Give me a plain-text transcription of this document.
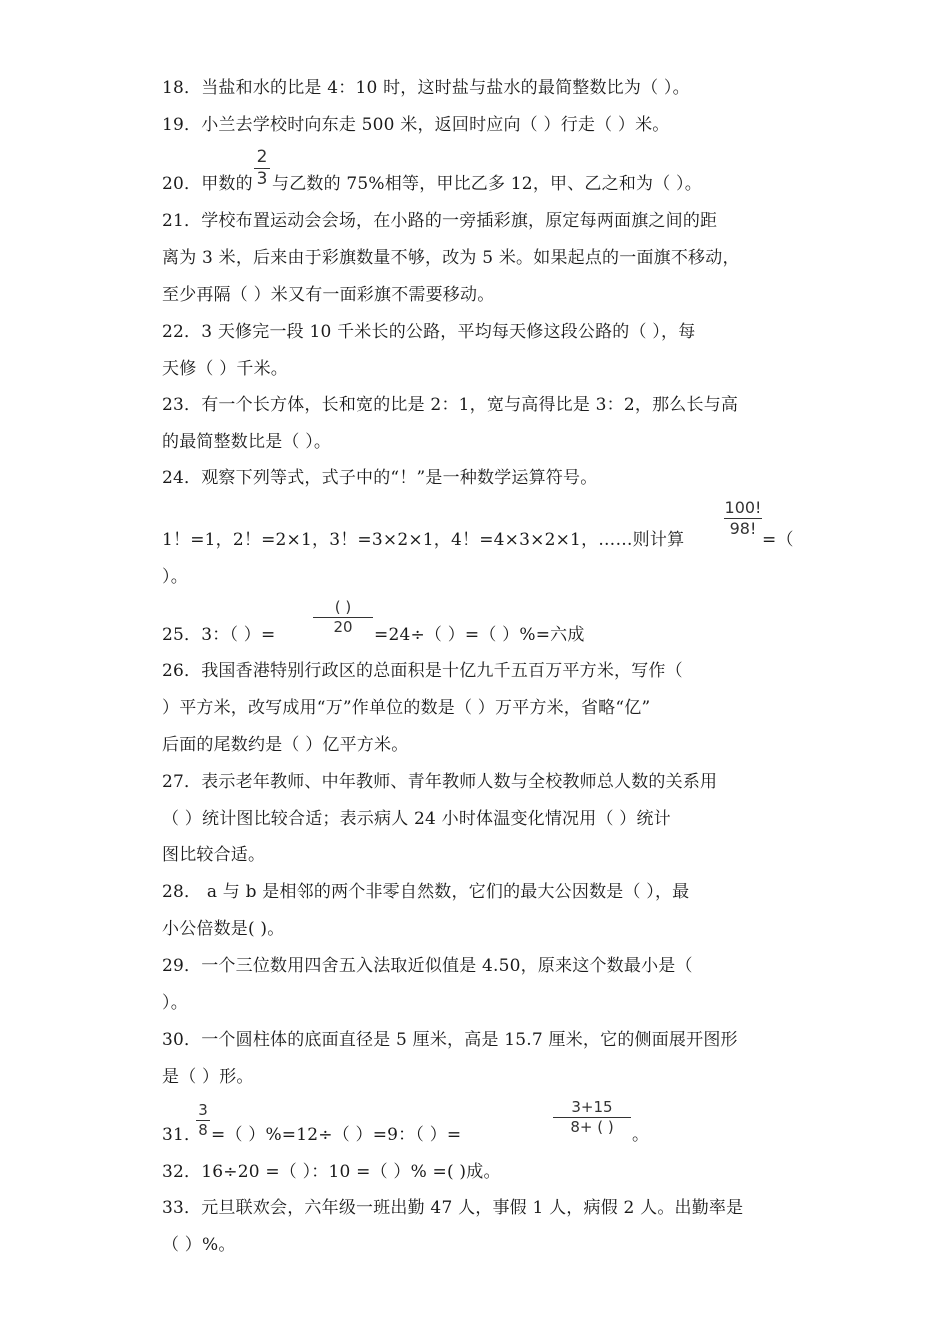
18．当盐和水的比是 4：10 时，这时盐与盐水的最简整数比为（ ）。
19．小兰去学校时向东走 500 米，返回时应向（ ）行走（ ）米。
20．甲数的
2
3 与乙数的 75%相等，甲比乙多 12，甲、乙之和为（ ）。
21．学校布置运动会会场，在小路的一旁插彩旗，原定每两面旗之间的距
离为 3 米，后来由于彩旗数量不够，改为 5 米。如果起点的一面旗不移动，
至少再隔（ ）米又有一面彩旗不需要移动。
22．3 天修完一段 10 千米长的公路，平均每天修这段公路的（ ），每
天修（ ）千米。
23．有一个长方体，长和宽的比是 2：1，宽与高得比是 3：2，那么长与高
的最简整数比是（ ）。
24．观察下列等式，式子中的“！”是一种数学运算符号。
1！=1，2！=2×1，3！=3×2×1，4！=4×3×2×1，……则计算
100!
98!
=（
）。
25．3：（ ）=
( )
20	=24÷（ ）=（ ）%=六成
26．我国香港特别行政区的总面积是十亿九千五百万平方米，写作（
）平方米，改写成用“万”作单位的数是（ ）万平方米，省略“亿”
后面的尾数约是（ ）亿平方米。
27．表示老年教师、中年教师、青年教师人数与全校教师总人数的关系用
（ ）统计图比较合适；表示病人 24 小时体温变化情况用（ ）统计
图比较合适。
28． a 与 b 是相邻的两个非零自然数，它们的最大公因数是（ ），最
小公倍数是( )。
29．一个三位数用四舍五入法取近似值是 4.50，原来这个数最小是（
）。
30．一个圆柱体的底面直径是 5 厘米，高是 15.7 厘米，它的侧面展开图形
是（ ）形。
31．
3
8 =（ ）%=12÷（ ）=9：（ ）=
3+15
8+ ( )	。
32．16÷20 =（ ）：10 =（ ）% =( )成。
33．元旦联欢会，六年级一班出勤 47 人，事假 1 人，病假 2 人。出勤率是
（ ）%。
